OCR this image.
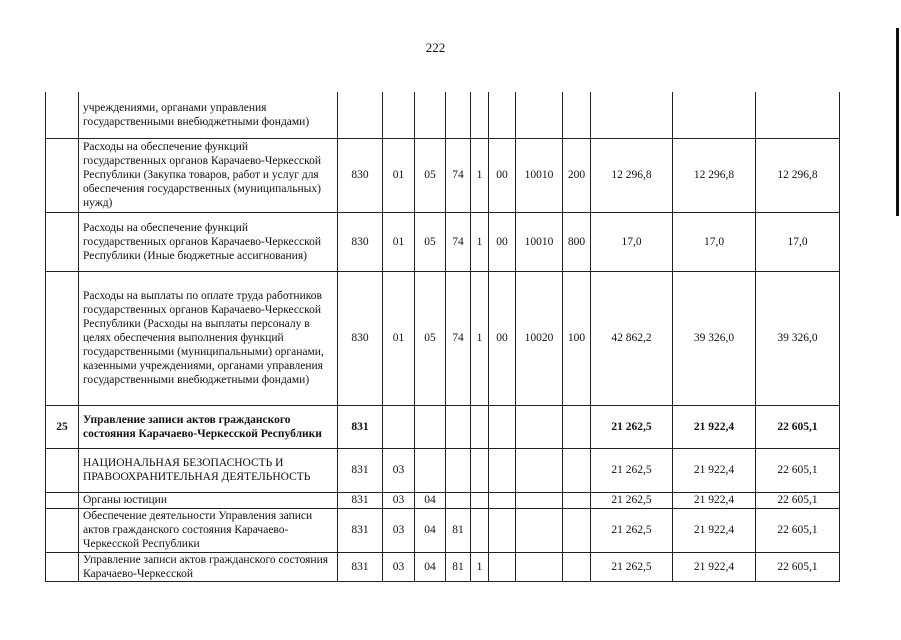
222
	учреждениями, органами управления государственными внебюджетными фондами)											
	Расходы на обеспечение функций государственных органов Карачаево-Черкесской Республики (Закупка товаров, работ и услуг для обеспечения государственных (муниципальных) нужд)	830	01	05	74	1	00	10010	200	12 296,8	12 296,8	12 296,8
	Расходы на обеспечение функций государственных органов Карачаево-Черкесской Республики (Иные бюджетные ассигнования)	830	01	05	74	1	00	10010	800	17,0	17,0	17,0
	Расходы на выплаты по оплате труда работников государственных органов Карачаево-Черкесской Республики (Расходы на выплаты персоналу в целях обеспечения выполнения функций государственными (муниципальными) органами, казенными учреждениями, органами управления государственными внебюджетными фондами)	830	01	05	74	1	00	10020	100	42 862,2	39 326,0	39 326,0
25	Управление записи актов гражданского состояния Карачаево-Черкесской Республики	831								21 262,5	21 922,4	22 605,1
	НАЦИОНАЛЬНАЯ БЕЗОПАСНОСТЬ И ПРАВООХРАНИТЕЛЬНАЯ ДЕЯТЕЛЬНОСТЬ	831	03							21 262,5	21 922,4	22 605,1
	Органы юстиции	831	03	04						21 262,5	21 922,4	22 605,1
	Обеспечение деятельности Управления записи актов гражданского состояния Карачаево-Черкесской Республики	831	03	04	81					21 262,5	21 922,4	22 605,1
	Управление записи актов гражданского состояния Карачаево-Черкесской	831	03	04	81	1				21 262,5	21 922,4	22 605,1
